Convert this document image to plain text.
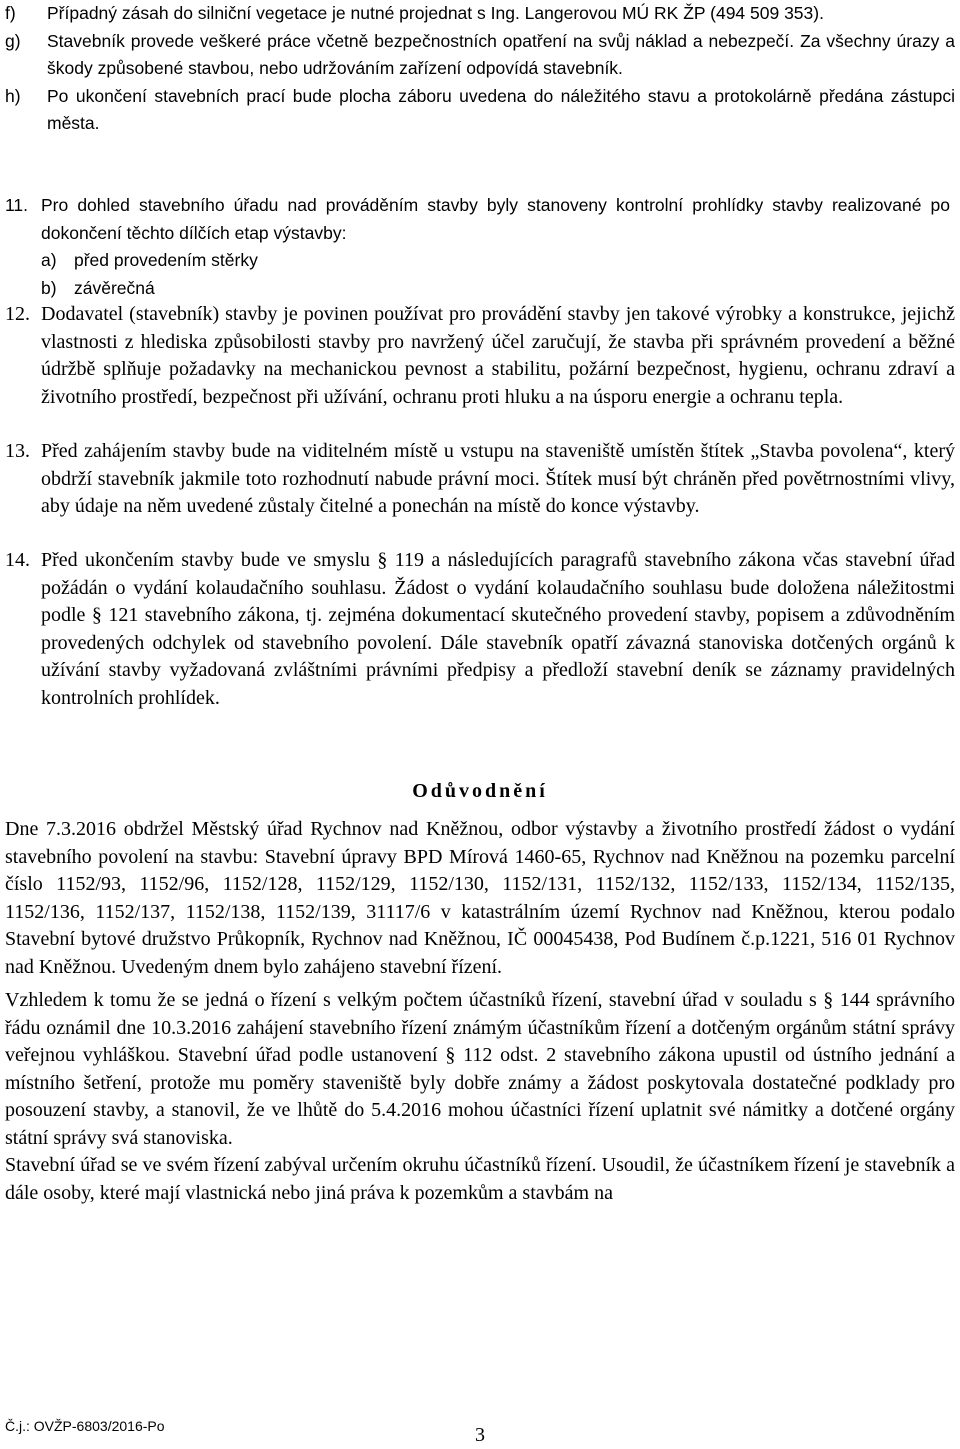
f) Případný zásah do silniční vegetace je nutné projednat s Ing. Langerovou MÚ RK ŽP (494 509 353).
g) Stavebník provede veškeré práce včetně bezpečnostních opatření na svůj náklad a nebezpečí. Za všechny úrazy a škody způsobené stavbou, nebo udržováním zařízení odpovídá stavebník.
h) Po ukončení stavebních prací bude plocha záboru uvedena do náležitého stavu a protokolárně předána zástupci města.
11. Pro dohled stavebního úřadu nad prováděním stavby byly stanoveny kontrolní prohlídky stavby realizované po dokončení těchto dílčích etap výstavby:
a) před provedením stěrky
b) závěrečná
12. Dodavatel (stavebník) stavby je povinen používat pro provádění stavby jen takové výrobky a konstrukce, jejichž vlastnosti z hlediska způsobilosti stavby pro navržený účel zaručují, že stavba při správném provedení a běžné údržbě splňuje požadavky na mechanickou pevnost a stabilitu, požární bezpečnost, hygienu, ochranu zdraví a životního prostředí, bezpečnost při užívání, ochranu proti hluku a na úsporu energie a ochranu tepla.
13. Před zahájením stavby bude na viditelném místě u vstupu na staveniště umístěn štítek „Stavba povolena“, který obdrží stavebník jakmile toto rozhodnutí nabude právní moci. Štítek musí být chráněn před povětrnostními vlivy, aby údaje na něm uvedené zůstaly čitelné a ponechán na místě do konce výstavby.
14. Před ukončením stavby bude ve smyslu § 119 a následujících paragrafů stavebního zákona včas stavební úřad požádán o vydání kolaudačního souhlasu. Žádost o vydání kolaudačního souhlasu bude doložena náležitostmi podle § 121 stavebního zákona, tj. zejména dokumentací skutečného provedení stavby, popisem a zdůvodněním provedených odchylek od stavebního povolení. Dále stavebník opatří závazná stanoviska dotčených orgánů k užívání stavby vyžadovaná zvláštními právními předpisy a předloží stavební deník se záznamy pravidelných kontrolních prohlídek.
Odůvodnění

Dne 7.3.2016 obdržel Městský úřad Rychnov nad Kněžnou, odbor výstavby a životního prostředí žádost o vydání stavebního povolení na stavbu: Stavební úpravy BPD Mírová 1460-65, Rychnov nad Kněžnou na pozemku parcelní číslo 1152/93, 1152/96, 1152/128, 1152/129, 1152/130, 1152/131, 1152/132, 1152/133, 1152/134, 1152/135, 1152/136, 1152/137, 1152/138, 1152/139, 31117/6 v katastrálním území Rychnov nad Kněžnou, kterou podalo Stavební bytové družstvo Průkopník, Rychnov nad Kněžnou, IČ 00045438, Pod Budínem č.p.1221, 516 01 Rychnov nad Kněžnou. Uvedeným dnem bylo zahájeno stavební řízení.

Vzhledem k tomu že se jedná o řízení s velkým počtem účastníků řízení, stavební úřad v souladu s § 144 správního řádu oznámil dne 10.3.2016 zahájení stavebního řízení známým účastníkům řízení a dotčeným orgánům státní správy veřejnou vyhláškou. Stavební úřad podle ustanovení § 112 odst. 2 stavebního zákona upustil od ústního jednání a místního šetření, protože mu poměry staveniště byly dobře známy a žádost poskytovala dostatečné podklady pro posouzení stavby, a stanovil, že ve lhůtě do 5.4.2016 mohou účastníci řízení uplatnit své námitky a dotčené orgány státní správy svá stanoviska.

Stavební úřad se ve svém řízení zabýval určením okruhu účastníků řízení. Usoudil, že účastníkem řízení je stavebník a dále osoby, které mají vlastnická nebo jiná práva k pozemkům a stavbám na

Č.j.: OVŽP-6803/2016-Po	3
